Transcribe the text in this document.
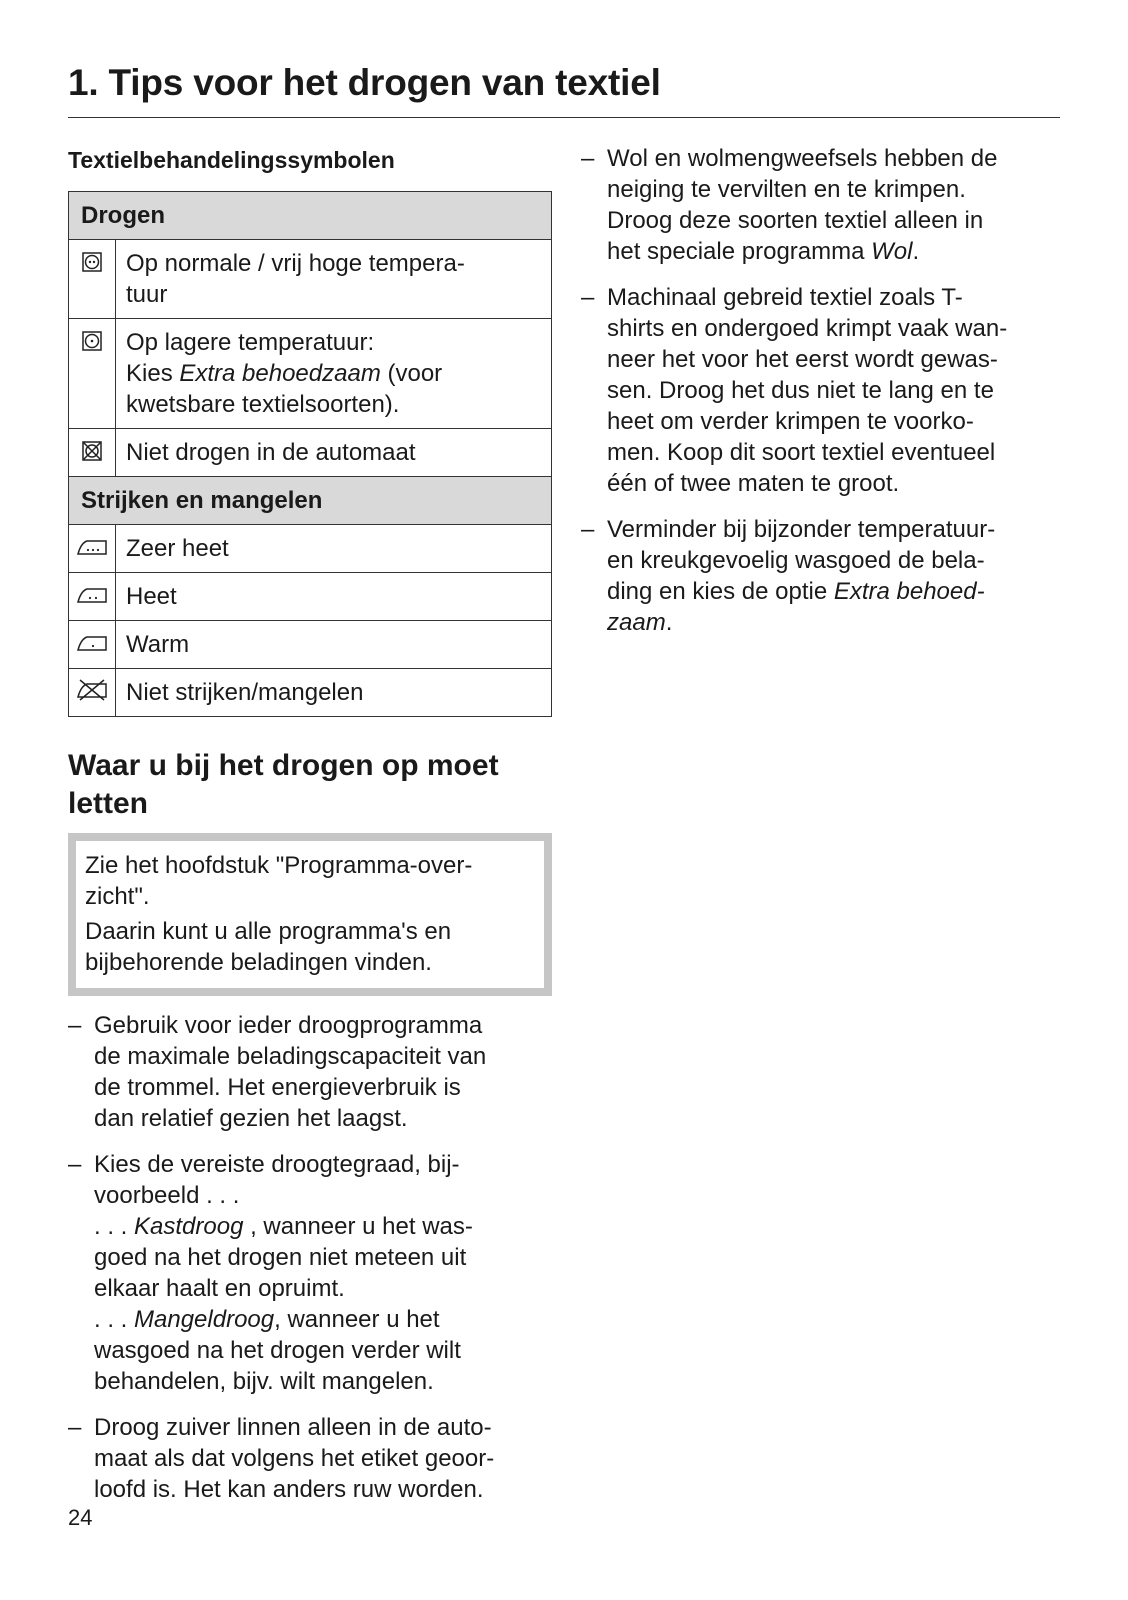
1. Tips voor het drogen van textiel
Textielbehandelingssymbolen
Drogen	

Op normale / vrij hoge tempera-
tuur

Op lagere temperatuur:
Kies Extra behoedzaam (voor
kwetsbare textielsoorten).

	Niet drogen in de automaat
Strijken en mangelen	
	Zeer heet
	Heet
	Warm
	Niet strijken/mangelen
Waar u bij het drogen op moet
letten

Zie het hoofdstuk "Programma-over-
zicht".

Daarin kunt u alle programma's en
bijbehorende beladingen vinden.

– Gebruik voor ieder droogprogramma
de maximale beladingscapaciteit van
de trommel. Het energieverbruik is
dan relatief gezien het laagst.
– Kies de vereiste droogtegraad, bij-
voorbeeld . . .
. . . Kastdroog , wanneer u het was-
goed na het drogen niet meteen uit
elkaar haalt en opruimt.
. . . Mangeldroog, wanneer u het
wasgoed na het drogen verder wilt
behandelen, bijv. wilt mangelen.
– Droog zuiver linnen alleen in de auto-
maat als dat volgens het etiket geoor-
loofd is. Het kan anders ruw worden.
– Wol en wolmengweefsels hebben de
neiging te vervilten en te krimpen.
Droog deze soorten textiel alleen in
het speciale programma Wol.
– Machinaal gebreid textiel zoals T-
shirts en ondergoed krimpt vaak wan-
neer het voor het eerst wordt gewas-
sen. Droog het dus niet te lang en te
heet om verder krimpen te voorko-
men. Koop dit soort textiel eventueel
één of twee maten te groot.
– Verminder bij bijzonder temperatuur-
en kreukgevoelig wasgoed de bela-
ding en kies de optie Extra behoed-
zaam.
24
